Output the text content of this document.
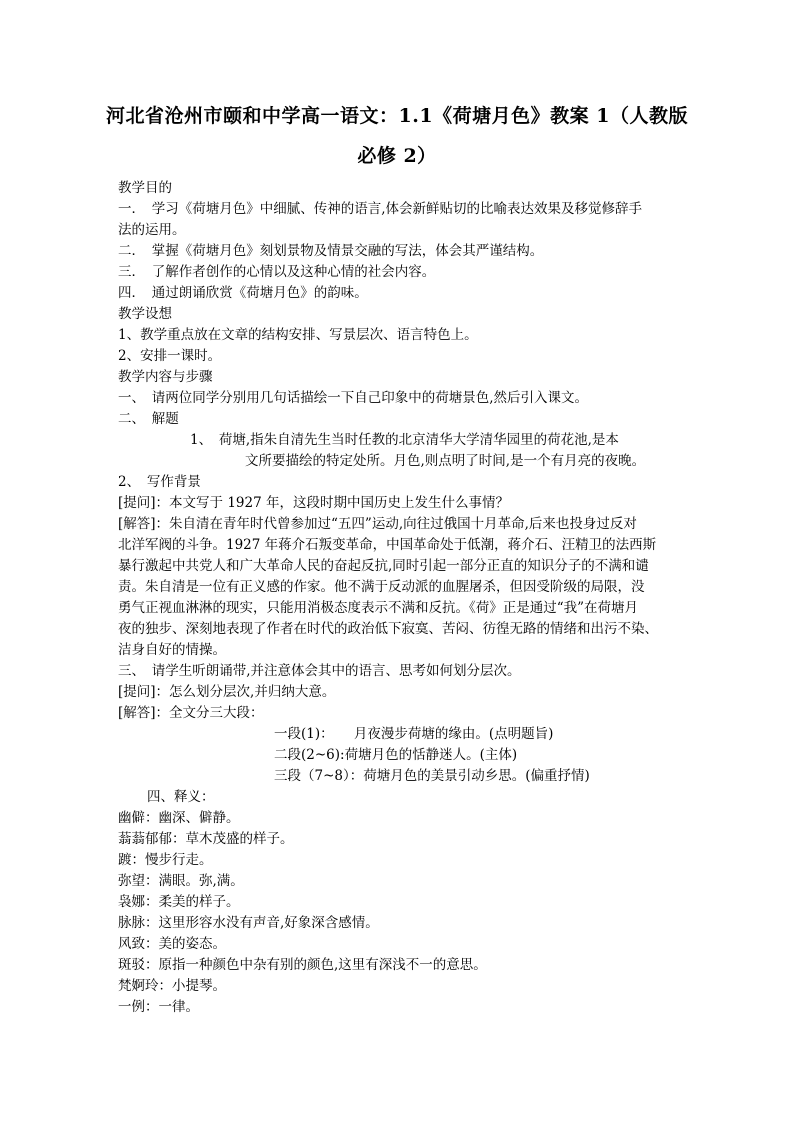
河北省沧州市颐和中学高一语文：1.1《荷塘月色》教案 1（人教版
必修 2）
教学目的
一．　学习《荷塘月色》中细腻、传神的语言,体会新鲜贴切的比喻表达效果及移觉修辞手
法的运用。
二．　掌握《荷塘月色》刻划景物及情景交融的写法，体会其严谨结构。
三．　了解作者创作的心情以及这种心情的社会内容。
四．　通过朗诵欣赏《荷塘月色》的韵味。
教学设想
1、教学重点放在文章的结构安排、写景层次、语言特色上。
2、安排一课时。
教学内容与步骤
一、　请两位同学分别用几句话描绘一下自己印象中的荷塘景色,然后引入课文。
二、　解题
1、　荷塘,指朱自清先生当时任教的北京清华大学清华园里的荷花池,是本
文所要描绘的特定处所。月色,则点明了时间,是一个有月亮的夜晚。
2、　写作背景
[提问]：本文写于 1927 年，这段时期中国历史上发生什么事情？
[解答]：朱自清在青年时代曾参加过“五四”运动,向往过俄国十月革命,后来也投身过反对
北洋军阀的斗争。1927 年蒋介石叛变革命，中国革命处于低潮，蒋介石、汪精卫的法西斯
暴行激起中共党人和广大革命人民的奋起反抗,同时引起一部分正直的知识分子的不满和谴
责。朱自清是一位有正义感的作家。他不满于反动派的血腥屠杀，但因受阶级的局限，没
勇气正视血淋淋的现实，只能用消极态度表示不满和反抗。《荷》正是通过“我”在荷塘月
夜的独步、深刻地表现了作者在时代的政治低下寂寞、苦闷、彷徨无路的情绪和出污不染、
洁身自好的情操。
三、　请学生听朗诵带,并注意体会其中的语言、思考如何划分层次。
[提问]：怎么划分层次,并归纳大意。
[解答]：全文分三大段：
一段(1)：　　月夜漫步荷塘的缘由。(点明题旨)
二段(2~6):荷塘月色的恬静迷人。(主体)
三段（7~8）：荷塘月色的美景引动乡思。(偏重抒情)
四、释义：
幽僻：幽深、僻静。
蓊蓊郁郁：草木茂盛的样子。
踱：慢步行走。
弥望：满眼。弥,满。
袅娜：柔美的样子。
脉脉：这里形容水没有声音,好象深含感情。
风致：美的姿态。
斑驳：原指一种颜色中杂有别的颜色,这里有深浅不一的意思。
梵婀玲：小提琴。
一例：一律。
